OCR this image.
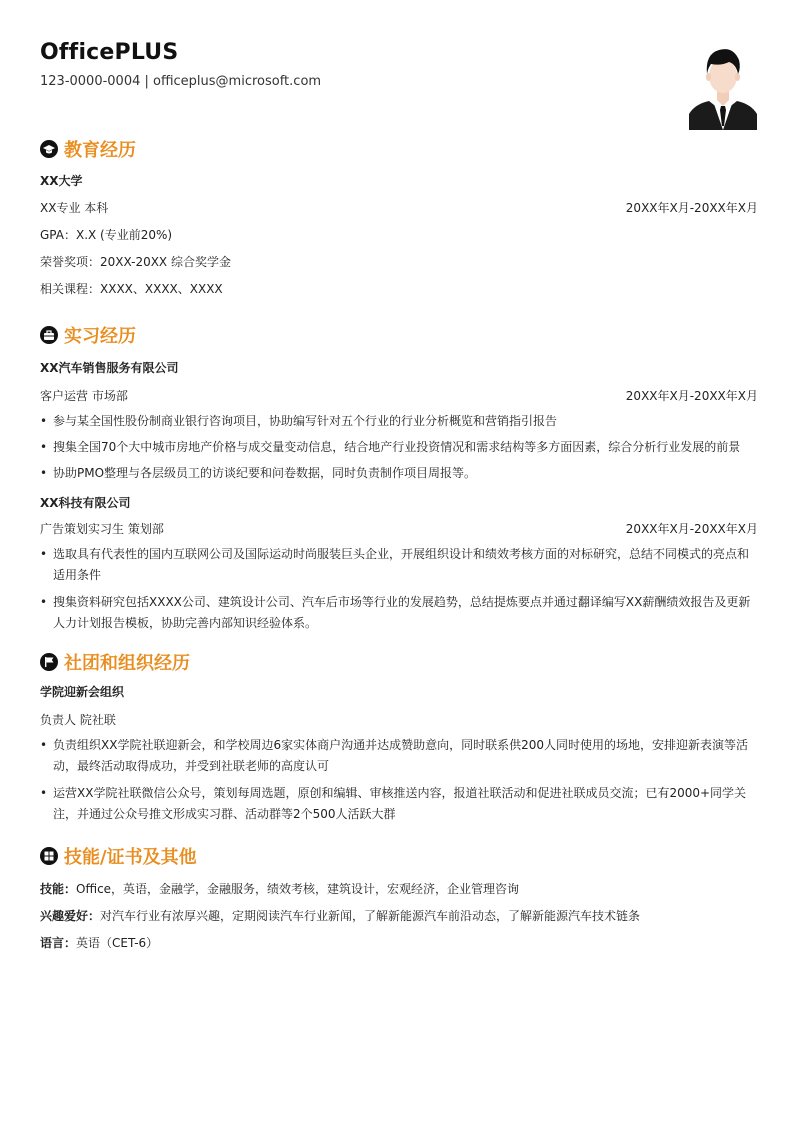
OfficePLUS
123-0000-0004 | officeplus@microsoft.com
教育经历
XX大学
XX专业 本科	20XX年X月-20XX年X月
GPA：X.X (专业前20%)
荣誉奖项：20XX-20XX 综合奖学金
相关课程：XXXX、XXXX、XXXX
实习经历
XX汽车销售服务有限公司
客户运营 市场部	20XX年X月-20XX年X月
• 参与某全国性股份制商业银行咨询项目，协助编写针对五个行业的行业分析概览和营销指引报告
• 搜集全国70个大中城市房地产价格与成交量变动信息，结合地产行业投资情况和需求结构等多方面因素，综合分析行业发展的前景
• 协助PMO整理与各层级员工的访谈纪要和问卷数据，同时负责制作项目周报等。
XX科技有限公司
广告策划实习生 策划部	20XX年X月-20XX年X月
• 选取具有代表性的国内互联网公司及国际运动时尚服装巨头企业，开展组织设计和绩效考核方面的对标研究，总结不同模式的亮点和适用条件
• 搜集资料研究包括XXXX公司、建筑设计公司、汽车后市场等行业的发展趋势，总结提炼要点并通过翻译编写XX薪酬绩效报告及更新人力计划报告模板，协助完善内部知识经验体系。
社团和组织经历
学院迎新会组织
负责人 院社联
• 负责组织XX学院社联迎新会，和学校周边6家实体商户沟通并达成赞助意向，同时联系供200人同时使用的场地，安排迎新表演等活动，最终活动取得成功，并受到社联老师的高度认可
• 运营XX学院社联微信公众号，策划每周选题，原创和编辑、审核推送内容，报道社联活动和促进社联成员交流；已有2000+同学关注，并通过公众号推文形成实习群、活动群等2个500人活跃大群
技能/证书及其他
技能：Office，英语，金融学，金融服务，绩效考核，建筑设计，宏观经济，企业管理咨询
兴趣爱好：对汽车行业有浓厚兴趣，定期阅读汽车行业新闻，了解新能源汽车前沿动态，了解新能源汽车技术链条
语言：英语（CET-6）
